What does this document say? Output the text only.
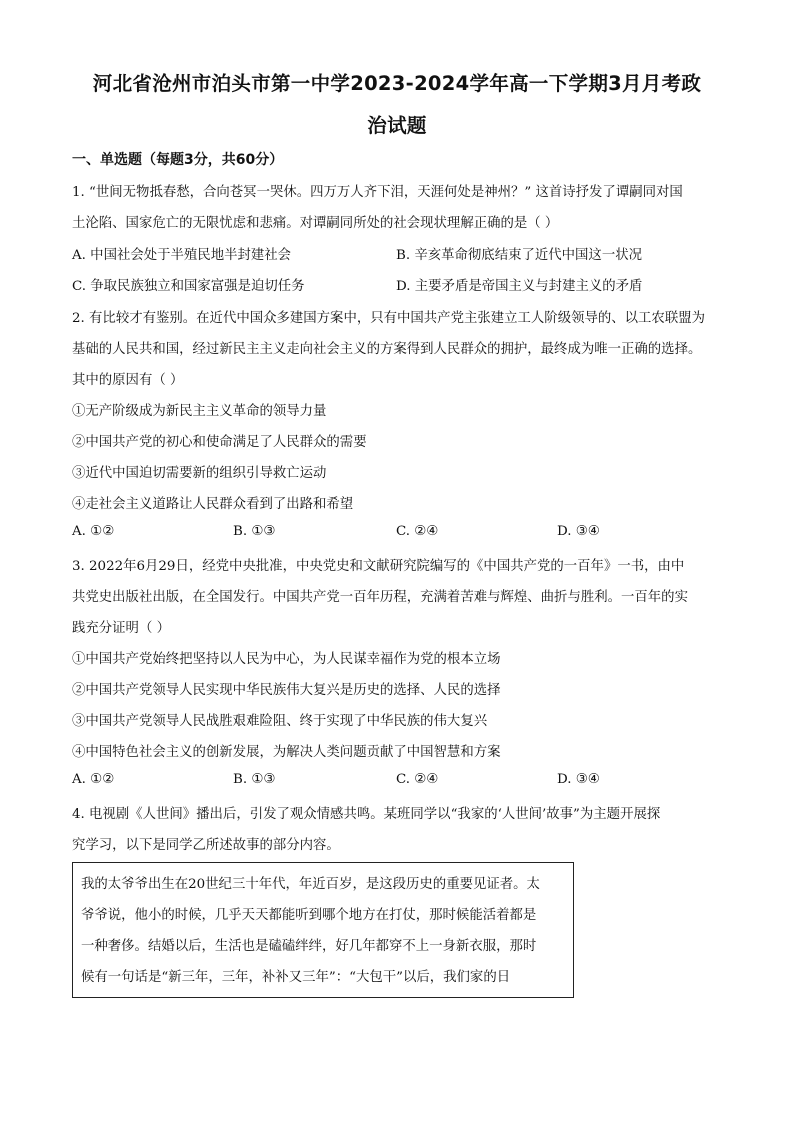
河北省沧州市泊头市第一中学2023-2024学年高一下学期3月月考政
治试题
一、单选题（每题3分，共60分）
1. “世间无物抵春愁，合向苍冥一哭休。四万万人齐下泪，天涯何处是神州？” 这首诗抒发了谭嗣同对国
土沦陷、国家危亡的无限忧虑和悲痛。对谭嗣同所处的社会现状理解正确的是（ ）
A. 中国社会处于半殖民地半封建社会	B. 辛亥革命彻底结束了近代中国这一状况
C. 争取民族独立和国家富强是迫切任务	D. 主要矛盾是帝国主义与封建主义的矛盾
2. 有比较才有鉴别。在近代中国众多建国方案中，只有中国共产党主张建立工人阶级领导的、以工农联盟为
基础的人民共和国，经过新民主主义走向社会主义的方案得到人民群众的拥护，最终成为唯一正确的选择。
其中的原因有（ ）
①无产阶级成为新民主主义革命的领导力量
②中国共产党的初心和使命满足了人民群众的需要
③近代中国迫切需要新的组织引导救亡运动
④走社会主义道路让人民群众看到了出路和希望
A. ①②	B. ①③	C. ②④	D. ③④
3. 2022年6月29日，经党中央批准，中央党史和文献研究院编写的《中国共产党的一百年》一书，由中
共党史出版社出版，在全国发行。中国共产党一百年历程，充满着苦难与辉煌、曲折与胜利。一百年的实
践充分证明（ ）
①中国共产党始终把坚持以人民为中心，为人民谋幸福作为党的根本立场
②中国共产党领导人民实现中华民族伟大复兴是历史的选择、人民的选择
③中国共产党领导人民战胜艰难险阻、终于实现了中华民族的伟大复兴
④中国特色社会主义的创新发展，为解决人类问题贡献了中国智慧和方案
A. ①②	B. ①③	C. ②④	D. ③④
4. 电视剧《人世间》播出后，引发了观众情感共鸣。某班同学以“我家的‘人世间’故事”为主题开展探
究学习，以下是同学乙所述故事的部分内容。
我的太爷爷出生在20世纪三十年代，年近百岁，是这段历史的重要见证者。太
爷爷说，他小的时候，几乎天天都能听到哪个地方在打仗，那时候能活着都是
一种奢侈。结婚以后，生活也是磕磕绊绊，好几年都穿不上一身新衣服，那时
候有一句话是“新三年，三年，补补又三年”：“大包干”以后，我们家的日
